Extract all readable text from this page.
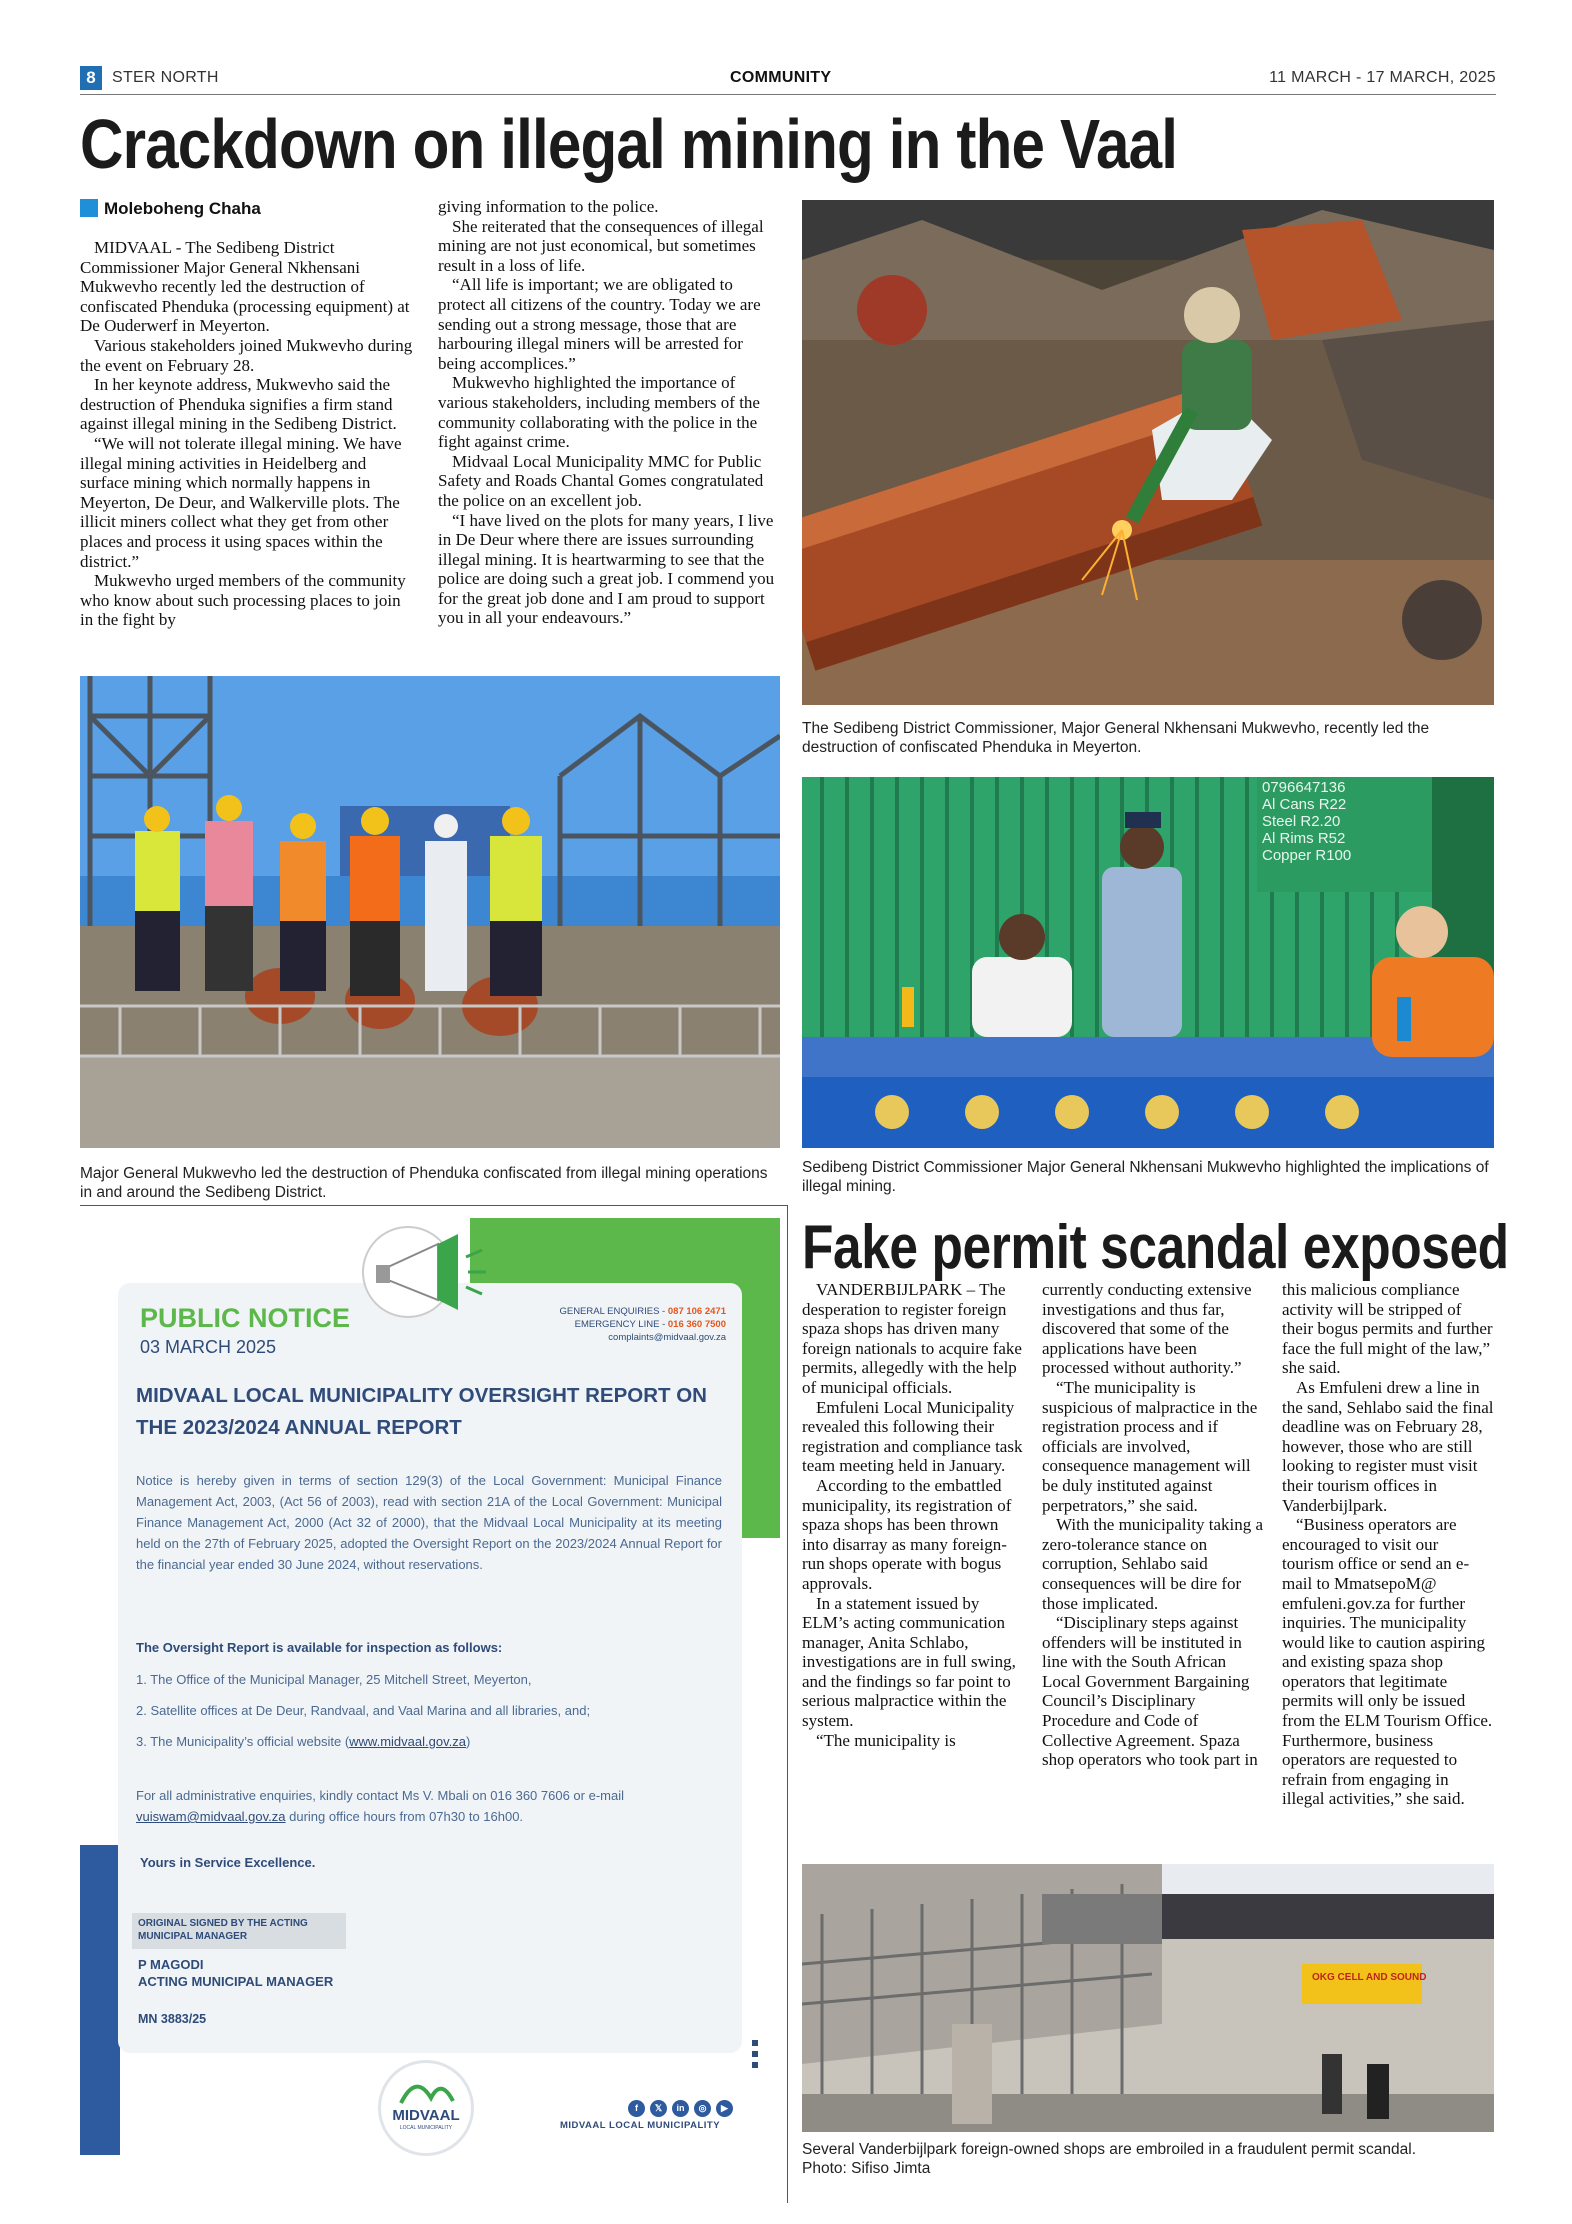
8	STER NORTH	COMMUNITY	11 MARCH - 17 MARCH, 2025
Crackdown on illegal mining in the Vaal
Moleboheng Chaha

MIDVAAL - The Sedibeng District Commissioner Major General Nkhensani Mukwevho recently led the destruction of confiscated Phenduka (processing equipment) at De Ouderwerf in Meyerton.

Various stakeholders joined Mukwevho during the event on February 28.

In her keynote address, Mukwevho said the destruction of Phenduka signifies a firm stand against illegal mining in the Sedibeng District.

“We will not tolerate illegal mining. We have illegal mining activities in Heidelberg and surface mining which normally happens in Meyerton, De Deur, and Walkerville plots. The illicit miners collect what they get from other places and process it using spaces within the district.”

Mukwevho urged members of the community who know about such processing places to join in the fight by

giving information to the police.

She reiterated that the consequences of illegal mining are not just economical, but sometimes result in a loss of life.

“All life is important; we are obligated to protect all citizens of the country. Today we are sending out a strong message, those that are harbouring illegal miners will be arrested for being accomplices.”

Mukwevho highlighted the importance of various stakeholders, including members of the community collaborating with the police in the fight against crime.

Midvaal Local Municipality MMC for Public Safety and Roads Chantal Gomes congratulated the police on an excellent job.

“I have lived on the plots for many years, I live in De Deur where there are issues surrounding illegal mining. It is heartwarming to see that the police are doing such a great job. I commend you for the great job done and I am proud to support you in all your endeavours.”

The Sedibeng District Commissioner, Major General Nkhensani Mukwevho, recently led the destruction of confiscated Phenduka in Meyerton.
Major General Mukwevho led the destruction of Phenduka confiscated from illegal mining operations in and around the Sedibeng District.
0796647136
Al Cans R22
Steel R2.20
Al Rims R52
Copper R100
Sedibeng District Commissioner Major General Nkhensani Mukwevho highlighted the implications of illegal mining.
Fake permit scandal exposed

VANDERBIJLPARK – The desperation to register foreign spaza shops has driven many foreign nationals to acquire fake permits, allegedly with the help of municipal officials.

Emfuleni Local Municipality revealed this following their registration and compliance task team meeting held in January.

According to the embattled municipality, its registration of spaza shops has been thrown into disarray as many foreign-run shops operate with bogus approvals.

In a statement issued by ELM’s acting communication manager, Anita Schlabo, investigations are in full swing, and the findings so far point to serious malpractice within the system.

“The municipality is

currently conducting extensive investigations and thus far, discovered that some of the applications have been processed without authority.”

“The municipality is suspicious of malpractice in the registration process and if officials are involved, consequence management will be duly instituted against perpetrators,” she said.

With the municipality taking a zero-tolerance stance on corruption, Sehlabo said consequences will be dire for those implicated.

“Disciplinary steps against offenders will be instituted in line with the South African Local Government Bargaining Council’s Disciplinary Procedure and Code of Collective Agreement. Spaza shop operators who took part in

this malicious compliance activity will be stripped of their bogus permits and further face the full might of the law,” she said.

As Emfuleni drew a line in the sand, Sehlabo said the final deadline was on February 28, however, those who are still looking to register must visit their tourism offices in Vanderbijlpark.

“Business operators are encouraged to visit our tourism office or send an e-mail to MmatsepoM@ emfuleni.gov.za for further inquiries. The municipality would like to caution aspiring and existing spaza shop operators that legitimate permits will only be issued from the ELM Tourism Office. Furthermore, business operators are requested to refrain from engaging in illegal activities,” she said.

OKG CELL AND SOUND
Several Vanderbijlpark foreign-owned shops are embroiled in a fraudulent permit scandal.
Photo: Sifiso Jimta
PUBLIC NOTICE
03 MARCH 2025
GENERAL ENQUIRIES - 087 106 2471
EMERGENCY LINE - 016 360 7500
complaints@midvaal.gov.za
MIDVAAL LOCAL MUNICIPALITY OVERSIGHT REPORT ON THE 2023/2024 ANNUAL REPORT
Notice is hereby given in terms of section 129(3) of the Local Government: Municipal Finance Management Act, 2003, (Act 56 of 2003), read with section 21A of the Local Government: Municipal Finance Management Act, 2000 (Act 32 of 2000), that the Midvaal Local Municipality at its meeting held on the 27th of February 2025, adopted the Oversight Report on the 2023/2024 Annual Report for the financial year ended 30 June 2024, without reservations.
The Oversight Report is available for inspection as follows:
1. The Office of the Municipal Manager, 25 Mitchell Street, Meyerton,
2. Satellite offices at De Deur, Randvaal, and Vaal Marina and all libraries, and;
3. The Municipality’s official website (www.midvaal.gov.za)
For all administrative enquiries, kindly contact Ms V. Mbali on 016 360 7606 or e-mail vuiswam@midvaal.gov.za during office hours from 07h30 to 16h00.
Yours in Service Excellence.
ORIGINAL SIGNED BY THE ACTING MUNICIPAL MANAGER
P MAGODI
ACTING MUNICIPAL MANAGER
MN 3883/25
MIDVAAL
LOCAL MUNICIPALITY
f	𝕏	in	◎	▶
MIDVAAL LOCAL MUNICIPALITY
